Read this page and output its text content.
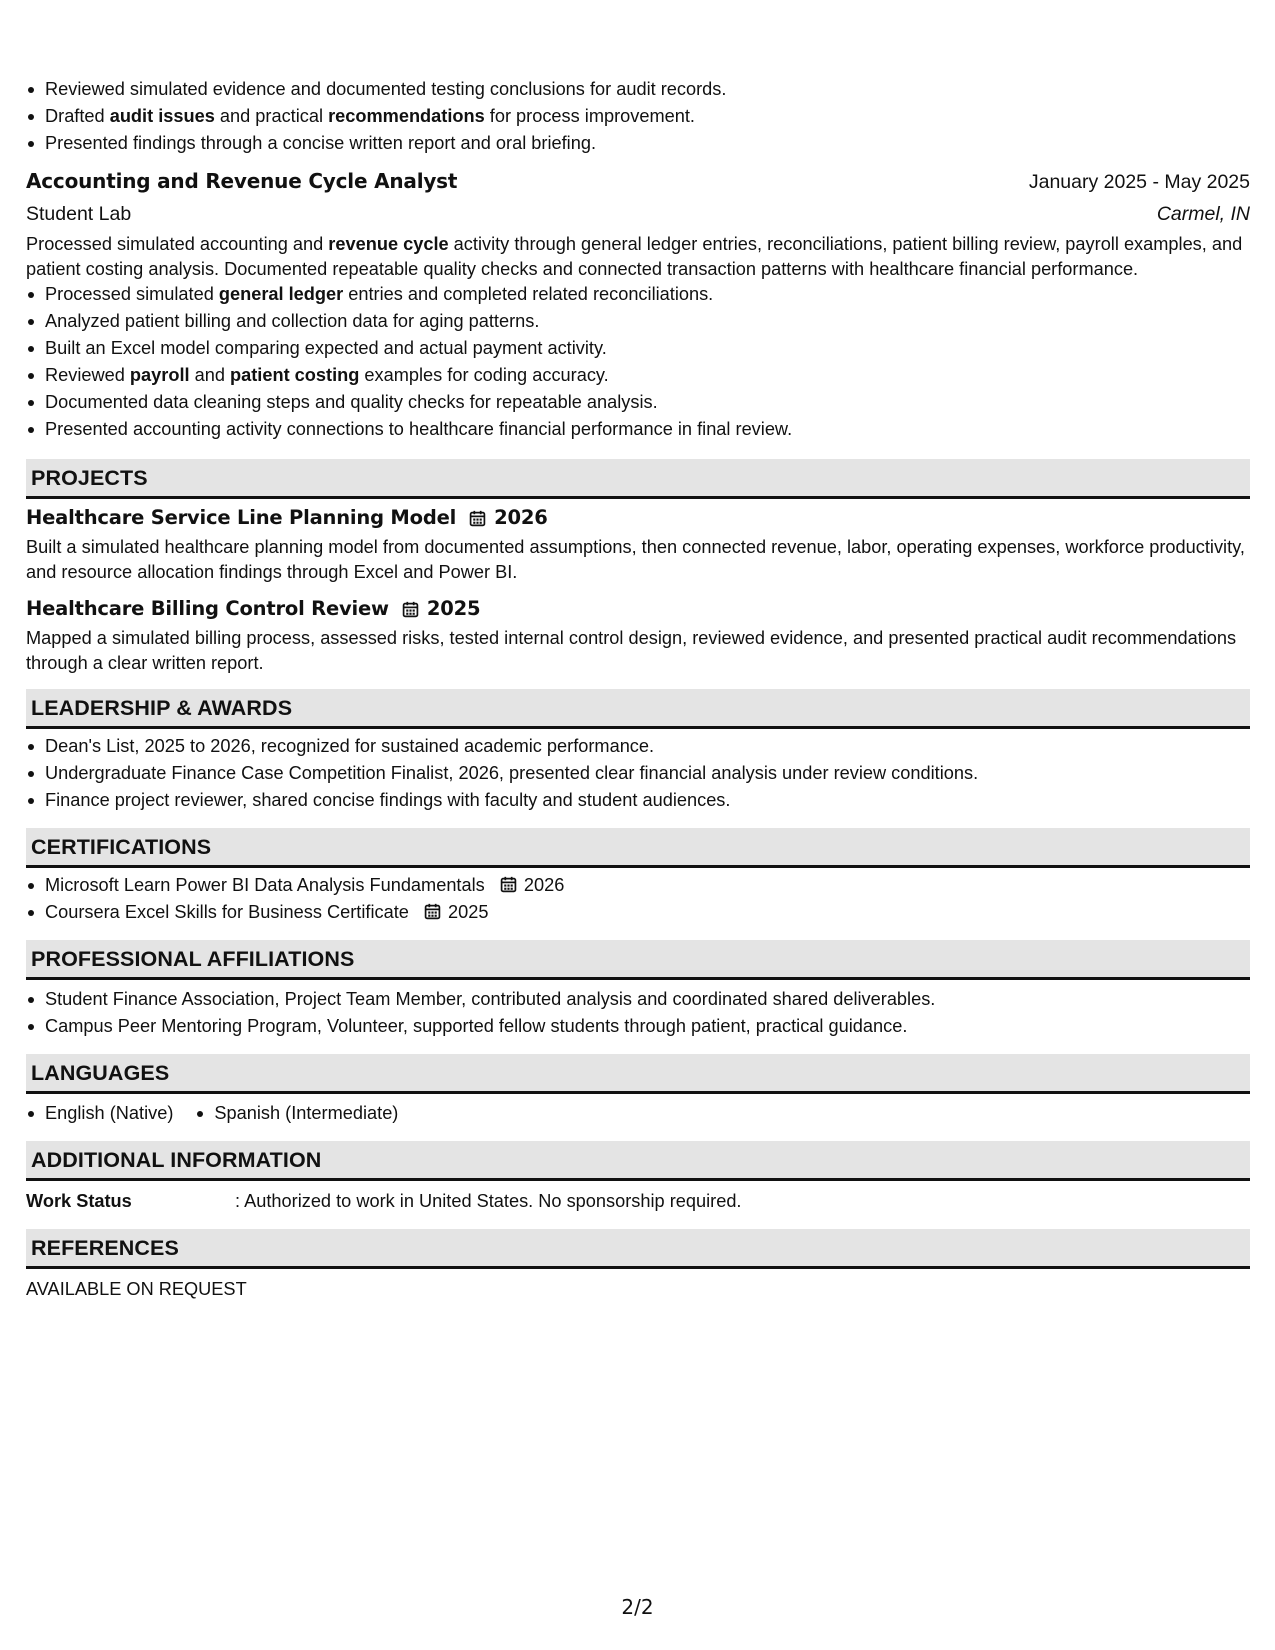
Reviewed simulated evidence and documented testing conclusions for audit records.
Drafted audit issues and practical recommendations for process improvement.
Presented findings through a concise written report and oral briefing.
Accounting and Revenue Cycle Analyst	January 2025 - May 2025
Student Lab	Carmel, IN
Processed simulated accounting and revenue cycle activity through general ledger entries, reconciliations, patient billing review, payroll examples, and patient costing analysis. Documented repeatable quality checks and connected transaction patterns with healthcare financial performance.
Processed simulated general ledger entries and completed related reconciliations.
Analyzed patient billing and collection data for aging patterns.
Built an Excel model comparing expected and actual payment activity.
Reviewed payroll and patient costing examples for coding accuracy.
Documented data cleaning steps and quality checks for repeatable analysis.
Presented accounting activity connections to healthcare financial performance in final review.
PROJECTS
Healthcare Service Line Planning Model 2026
Built a simulated healthcare planning model from documented assumptions, then connected revenue, labor, operating expenses, workforce productivity, and resource allocation findings through Excel and Power BI.
Healthcare Billing Control Review 2025
Mapped a simulated billing process, assessed risks, tested internal control design, reviewed evidence, and presented practical audit recommendations through a clear written report.
LEADERSHIP & AWARDS
Dean's List, 2025 to 2026, recognized for sustained academic performance.
Undergraduate Finance Case Competition Finalist, 2026, presented clear financial analysis under review conditions.
Finance project reviewer, shared concise findings with faculty and student audiences.
CERTIFICATIONS
Microsoft Learn Power BI Data Analysis Fundamentals 2026
Coursera Excel Skills for Business Certificate 2025
PROFESSIONAL AFFILIATIONS
Student Finance Association, Project Team Member, contributed analysis and coordinated shared deliverables.
Campus Peer Mentoring Program, Volunteer, supported fellow students through patient, practical guidance.
LANGUAGES
English (Native)	Spanish (Intermediate)
ADDITIONAL INFORMATION
Work Status	: Authorized to work in United States. No sponsorship required.
REFERENCES
AVAILABLE ON REQUEST
2/2
